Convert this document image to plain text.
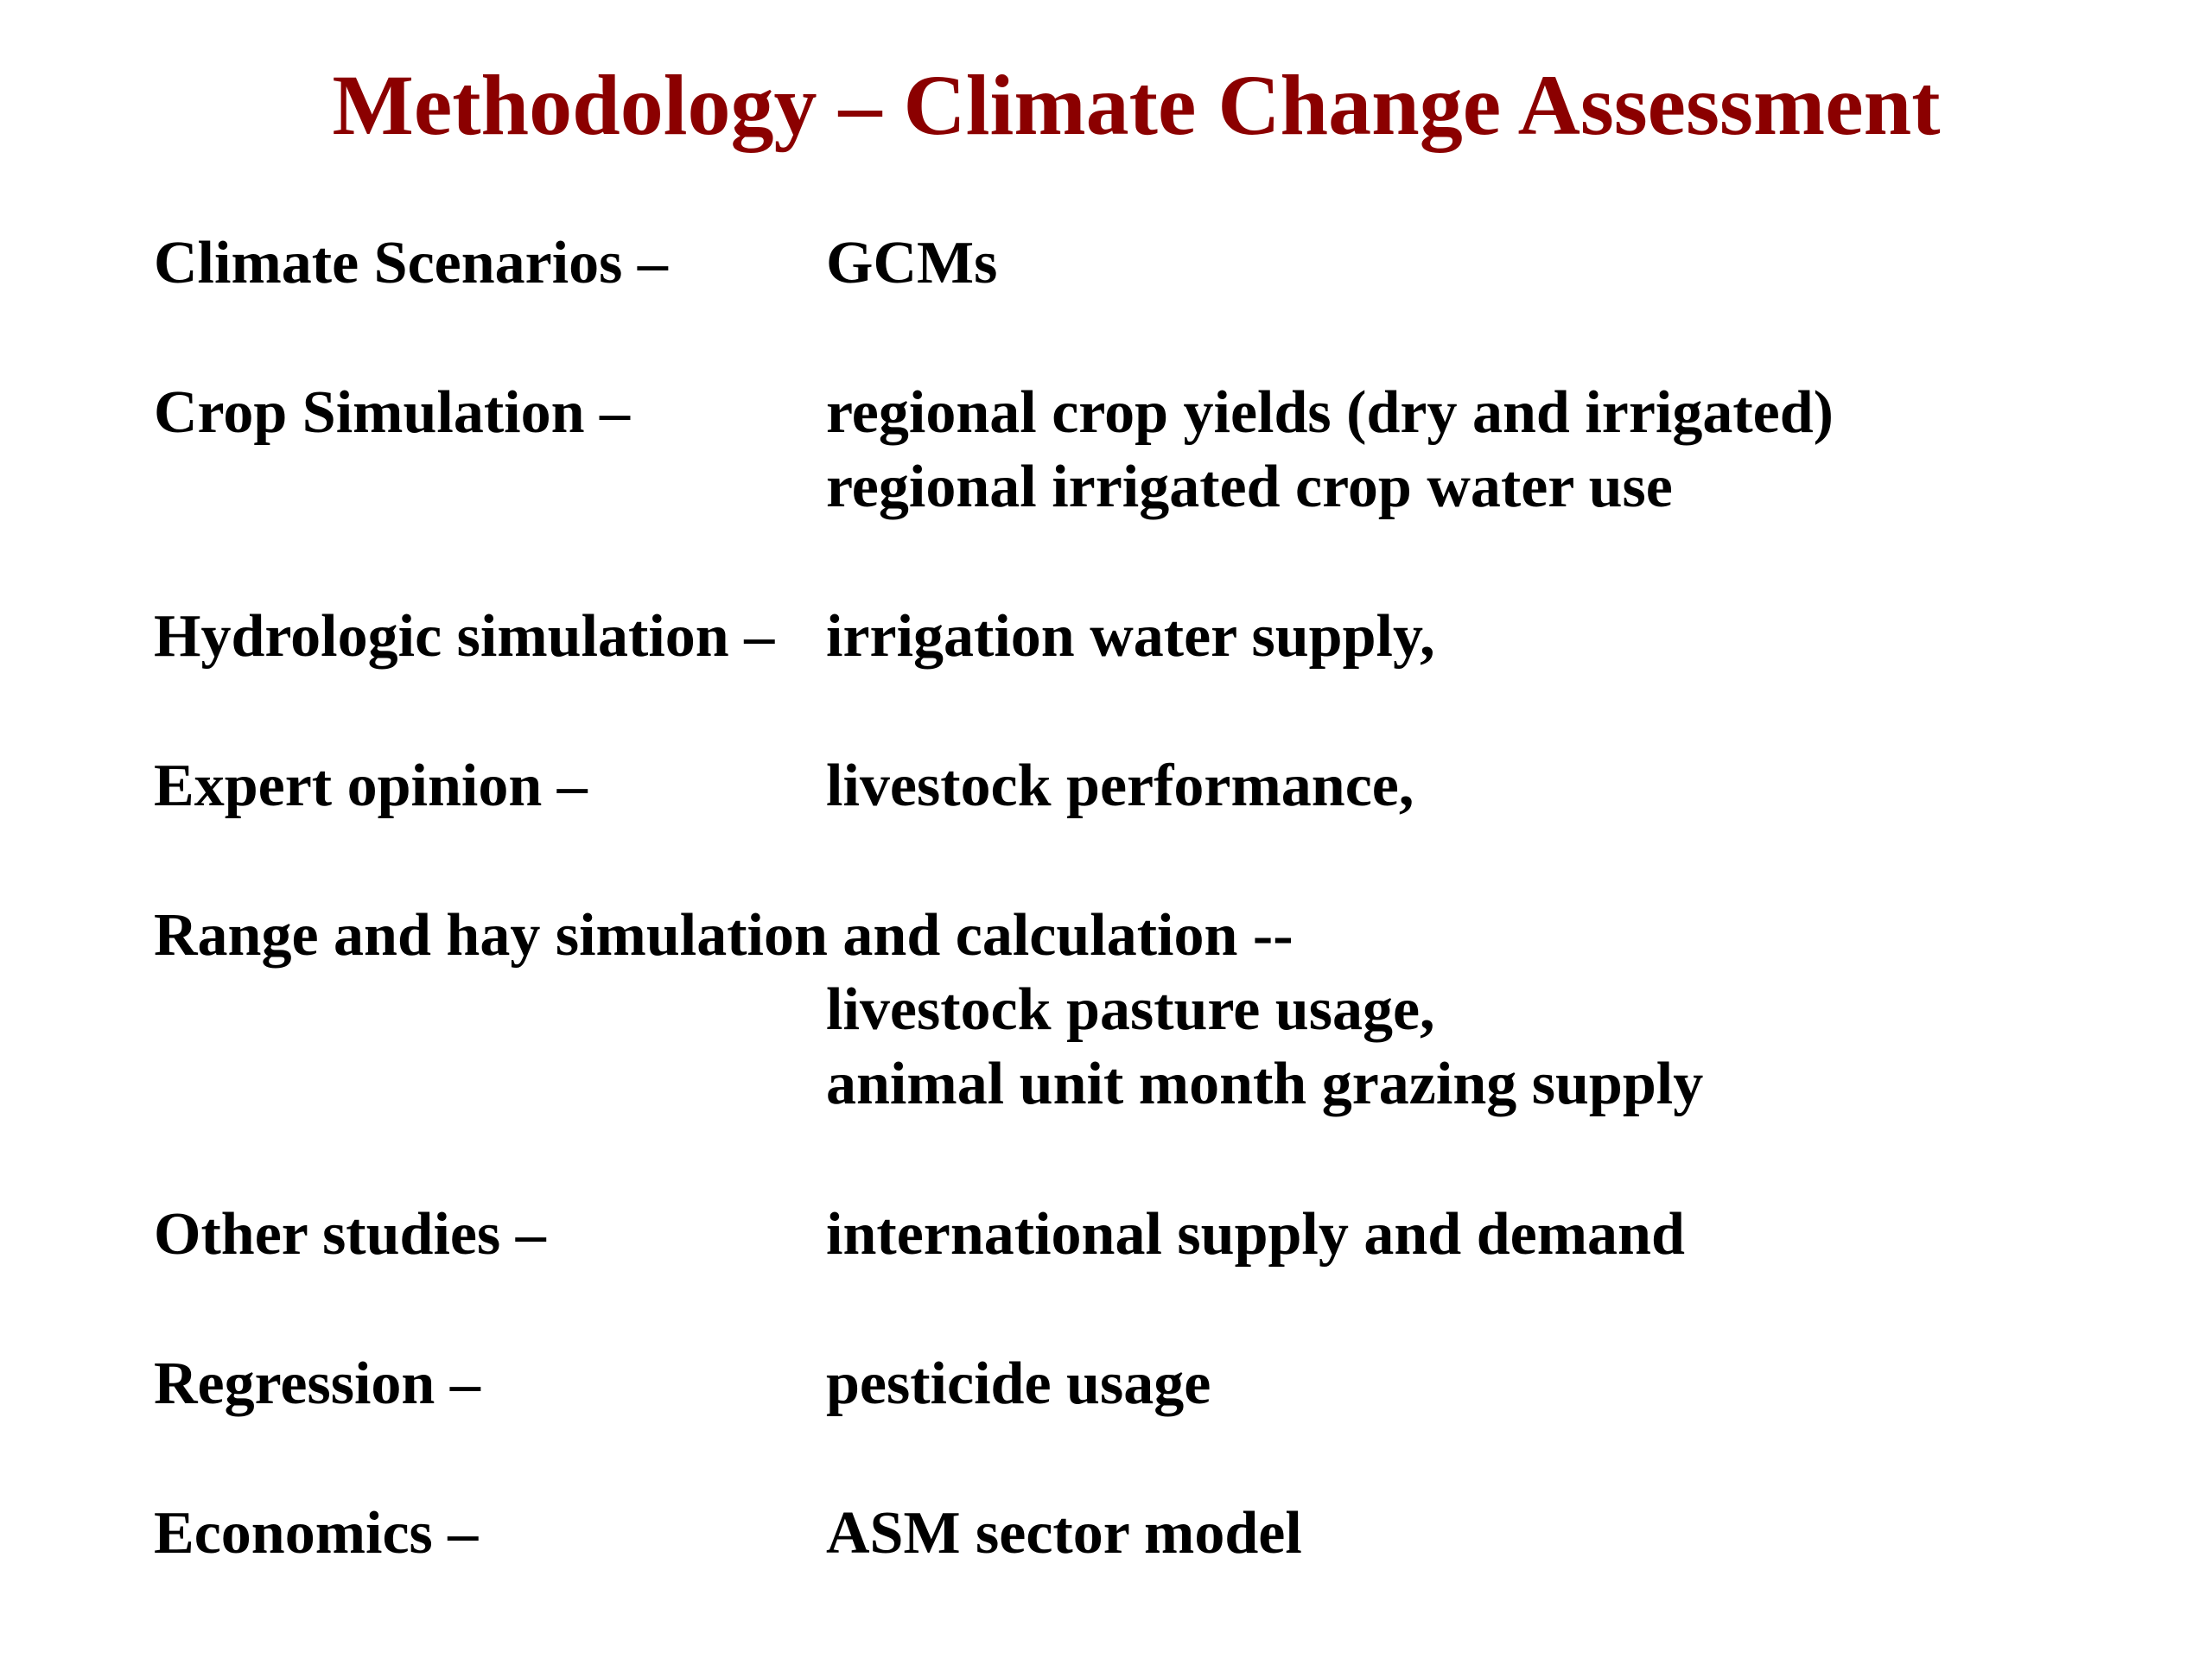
Methodology – Climate Change Assessment
Climate Scenarios –	GCMs
Crop Simulation –	regional crop yields (dry and irrigated)
regional irrigated crop water use
Hydrologic simulation – irrigation water supply,
Expert opinion –	livestock performance,
Range and hay simulation and calculation --
livestock pasture usage,
animal unit month grazing supply
Other studies –	international supply and demand
Regression –	pesticide usage
Economics –	ASM sector model
